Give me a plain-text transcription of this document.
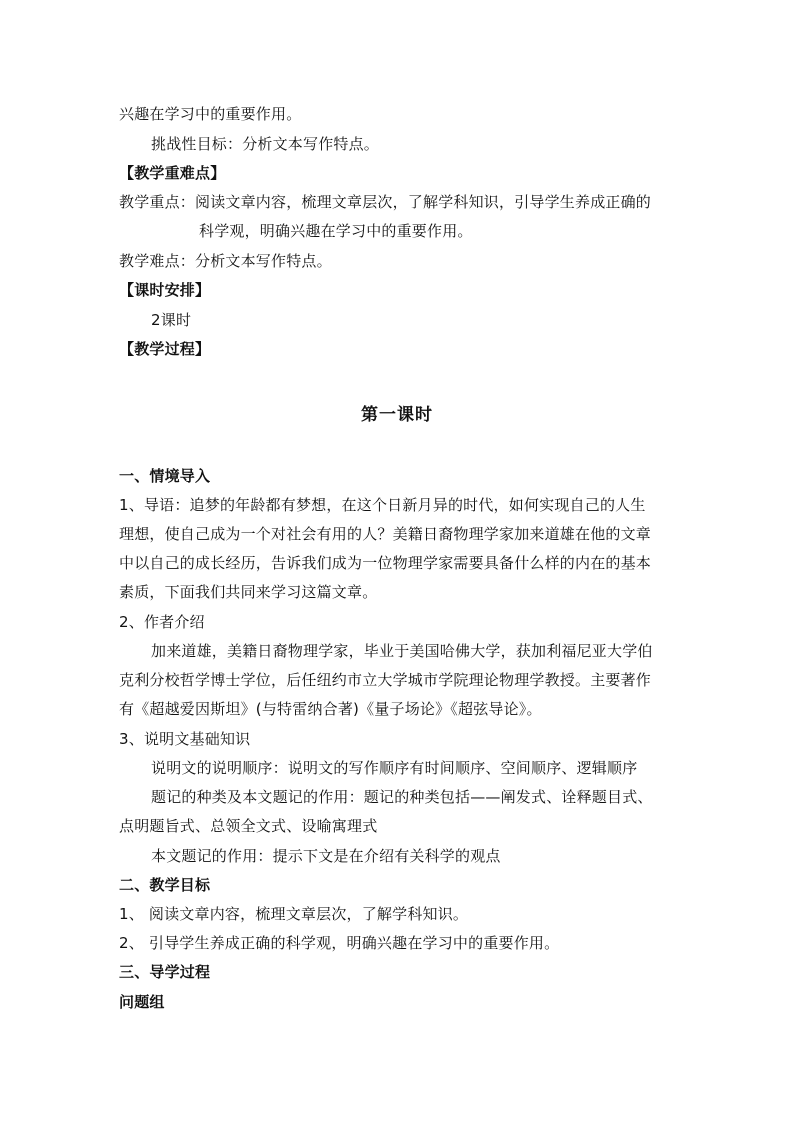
兴趣在学习中的重要作用。
挑战性目标：分析文本写作特点。
【教学重难点】
教学重点：阅读文章内容，梳理文章层次，了解学科知识，引导学生养成正确的
科学观，明确兴趣在学习中的重要作用。
教学难点：分析文本写作特点。
【课时安排】
2课时
【教学过程】
第一课时
一、情境导入
1、导语：追梦的年龄都有梦想，在这个日新月异的时代，如何实现自己的人生
理想，使自己成为一个对社会有用的人？美籍日裔物理学家加来道雄在他的文章
中以自己的成长经历，告诉我们成为一位物理学家需要具备什么样的内在的基本
素质，下面我们共同来学习这篇文章。
2、作者介绍
加来道雄，美籍日裔物理学家，毕业于美国哈佛大学，获加利福尼亚大学伯
克利分校哲学博士学位，后任纽约市立大学城市学院理论物理学教授。主要著作
有《超越爱因斯坦》(与特雷纳合著)《量子场论》《超弦导论》。
3、说明文基础知识
说明文的说明顺序：说明文的写作顺序有时间顺序、空间顺序、逻辑顺序
题记的种类及本文题记的作用：题记的种类包括——阐发式、诠释题目式、
点明题旨式、总领全文式、设喻寓理式
本文题记的作用：提示下文是在介绍有关科学的观点
二、教学目标
1、 阅读文章内容，梳理文章层次，了解学科知识。
2、 引导学生养成正确的科学观，明确兴趣在学习中的重要作用。
三、导学过程
问题组
